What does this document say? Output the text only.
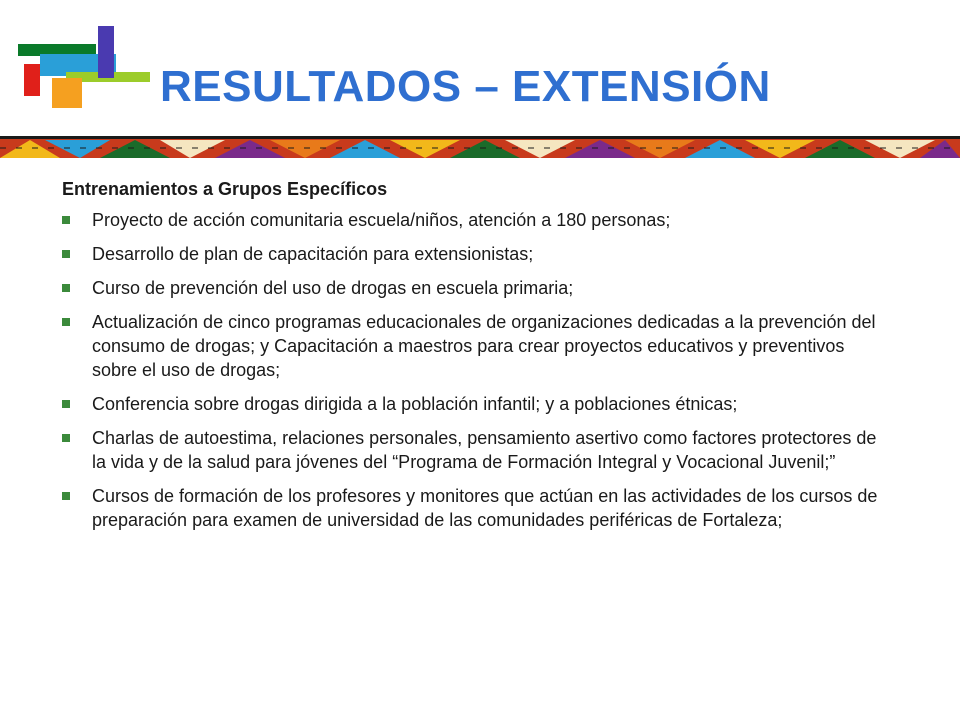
RESULTADOS – EXTENSIÓN

Entrenamientos a Grupos Específicos

Proyecto de acción comunitaria escuela/niños, atención a 180 personas;
Desarrollo de plan de capacitación para extensionistas;
Curso de prevención del uso de drogas en escuela primaria;
Actualización de cinco programas educacionales de organizaciones dedicadas a la prevención del consumo de drogas; y Capacitación a maestros para crear proyectos educativos y preventivos sobre el uso de drogas;
Conferencia sobre drogas dirigida a la población infantil; y a poblaciones étnicas;
Charlas de autoestima, relaciones personales, pensamiento asertivo como factores protectores de la vida y de la salud para jóvenes del “Programa de Formación Integral y Vocacional Juvenil;”
Cursos de formación de los profesores y monitores que actúan en las actividades de los cursos de preparación para examen de universidad de las comunidades periféricas de Fortaleza;
